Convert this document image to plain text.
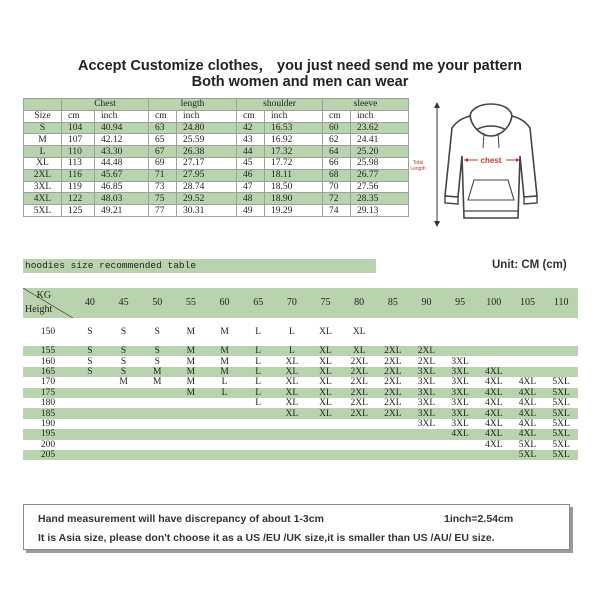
Accept Customize clothes， you just need send me your pattern
Both women and men can wear
	Chest		length		shoulder		sleeve	
Size	cm	inch	cm	inch	cm	inch	cm	inch
S	104	40.94	63	24.80	42	16.53	60	23.62
M	107	42.12	65	25.59	43	16.92	62	24.41
L	110	43.30	67	26.38	44	17.32	64	25.20
XL	113	44.48	69	27.17	45	17.72	66	25.98
2XL	116	45.67	71	27.95	46	18.11	68	26.77
3XL	119	46.85	73	28.74	47	18.50	70	27.56
4XL	122	48.03	75	29.52	48	18.90	72	28.35
5XL	125	49.21	77	30.31	49	19.29	74	29.13
chest
Total
Length
hoodies size recommended table	Unit: CM (cm)
KG
Height	40	45	50	55	60	65	70	75	80	85	90	95	100	105	110

150	S	S	S	M	M	L	L	XL	XL						

155	S	S	S	M	M	L	L	XL	XL	2XL	2XL				
160	S	S	S	M	M	L	XL	XL	2XL	2XL	2XL	3XL			
165	S	S	M	M	M	L	XL	XL	2XL	2XL	3XL	3XL	4XL		
170		M	M	M	L	L	XL	XL	2XL	2XL	3XL	3XL	4XL	4XL	5XL
175				M	L	L	XL	XL	2XL	2XL	3XL	3XL	4XL	4XL	5XL
180						L	XL	XL	2XL	2XL	3XL	3XL	4XL	4XL	5XL
185							XL	XL	2XL	2XL	3XL	3XL	4XL	4XL	5XL
190											3XL	3XL	4XL	4XL	5XL
195												4XL	4XL	4XL	5XL
200													4XL	5XL	5XL
205														5XL	5XL
Hand measurement will have discrepancy of about 1-3cm	1inch=2.54cm
It is Asia size, please don't choose it as a US /EU /UK size,it is smaller than US /AU/ EU size.
